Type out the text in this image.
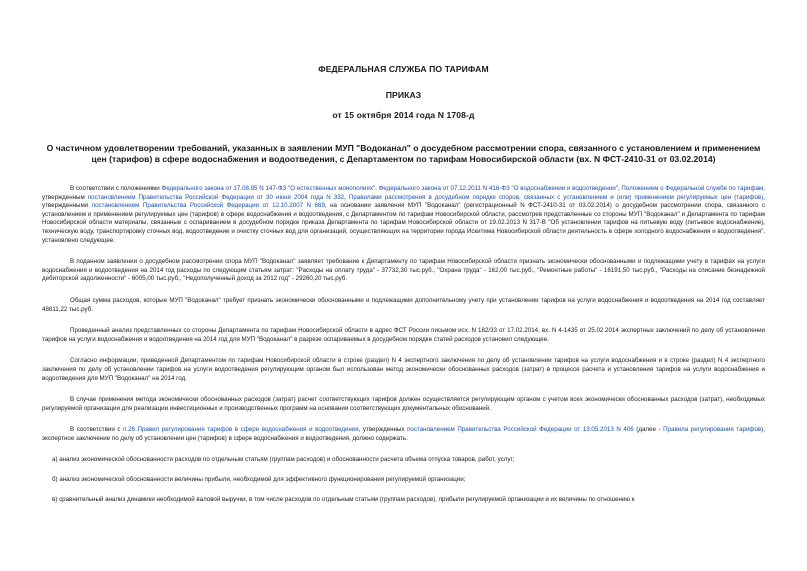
ФЕДЕРАЛЬНАЯ СЛУЖБА ПО ТАРИФАМ
ПРИКАЗ
от 15 октября 2014 года N 1708-д
О частичном удовлетворении требований, указанных в заявлении МУП "Водоканал" о досудебном рассмотрении спора, связанного с установлением и применением цен (тарифов) в сфере водоснабжения и водоотведения, с Департаментом по тарифам Новосибирской области (вх. N ФСТ-2410-31 от 03.02.2014)

В соответствии с положениями Федерального закона от 17.08.95 N 147-ФЗ "О естественных монополиях", Федерального закона от 07.12.2011 N 416-ФЗ "О водоснабжении и водоотведении", Положением о Федеральной службе по тарифам, утвержденным постановлением Правительства Российской Федерации от 30 июня 2004 года N 332, Правилами рассмотрения в досудебном порядке споров, связанных с установлением и (или) применением регулируемых цен (тарифов), утвержденными постановлением Правительства Российской Федерации от 12.10.2007 N 669, на основании заявления МУП "Водоканал" (регистрационный N ФСТ-2410-31 от 03.02.2014) о досудебном рассмотрении спора, связанного с установлением и применением регулируемых цен (тарифов) в сфере водоснабжения и водоотведения, с Департаментом по тарифам Новосибирской области, рассмотрев представленные со стороны МУП "Водоканал" и Департамента по тарифам Новосибирской области материалы, связанные с оспариванием в досудебном порядке приказа Департамента по тарифам Новосибирской области от 19.02.2013 N 317-В "Об установлении тарифов на питьевую воду (питьевое водоснабжение), техническую воду, транспортировку сточных вод, водоотведение и очистку сточных вод для организаций, осуществляющих на территории города Искитима Новосибирской области деятельность в сфере холодного водоснабжения и водоотведения", установлено следующее.

В поданном заявлении о досудебном рассмотрении спора МУП "Водоканал" заявляет требование к Департаменту по тарифам Новосибирской области признать экономически обоснованными и подлежащими учету в тарифах на услуги водоснабжения и водоотведения на 2014 год расходы по следующим статьям затрат: "Расходы на оплату труда" - 37732,30 тыс.руб., "Охрана труда" - 162,00 тыс.руб., "Ремонтные работы" - 16191,50 тыс.руб., "Расходы на списание безнадежной дебиторской задолженности" - 6005,00 тыс.руб., "Недополученный доход за 2012 год" - 29260,20 тыс.руб.

Общая сумма расходов, которые МУП "Водоканал" требует признать экономически обоснованными и подлежащими дополнительному учету при установлении тарифов на услуги водоснабжения и водоотведения на 2014 год составляет 48811,22 тыс.руб.

Проведенный анализ представленных со стороны Департамента по тарифам Новосибирской области в адрес ФСТ России письмом исх. N 182/33 от 17.02.2014, вх. N 4-1435 от 25.02.2014 экспертных заключений по делу об установлении тарифов на услуги водоснабжения и водоотведения на 2014 год для МУП "Водоканал" в разрезе оспариваемых в досудебном порядке статей расходов установил следующее.

Согласно информации, приведенной Департаментом по тарифам Новосибирской области в строке (раздел) N 4 экспертного заключения по делу об установлении тарифов на услуги водоснабжения и в строке (раздел) N 4 экспертного заключения по делу об установлении тарифов на услуги водоотведения регулирующим органом был использован метод экономически обоснованных расходов (затрат) в процессе расчета и установления тарифов на услуги водоснабжения и водоотведения для МУП "Водоканал" на 2014 год.

В случае применения метода экономически обоснованных расходов (затрат) расчет соответствующих тарифов должен осуществляется регулирующим органом с учетом всех экономически обоснованных расходов (затрат), необходимых регулируемой организации для реализации инвестиционных и производственных программ на основании соответствующих документальных обоснований.

В соответствии с п.26 Правил регулирования тарифов в сфере водоснабжения и водоотведения, утвержденных постановлением Правительства Российской Федерации от 13.05.2013 N 406 (далее - Правила регулирования тарифов), экспертное заключение по делу об установлении цен (тарифов) в сфере водоснабжения и водоотведения, должно содержать:

а) анализ экономической обоснованности расходов по отдельным статьям (группам расходов) и обоснованности расчета объема отпуска товаров, работ, услуг;

б) анализ экономической обоснованности величины прибыли, необходимой для эффективного функционирования регулируемой организации;

в) сравнительный анализ динамики необходимой валовой выручки, в том числе расходов по отдельным статьям (группам расходов), прибыли регулируемой организации и их величины по отношению к
